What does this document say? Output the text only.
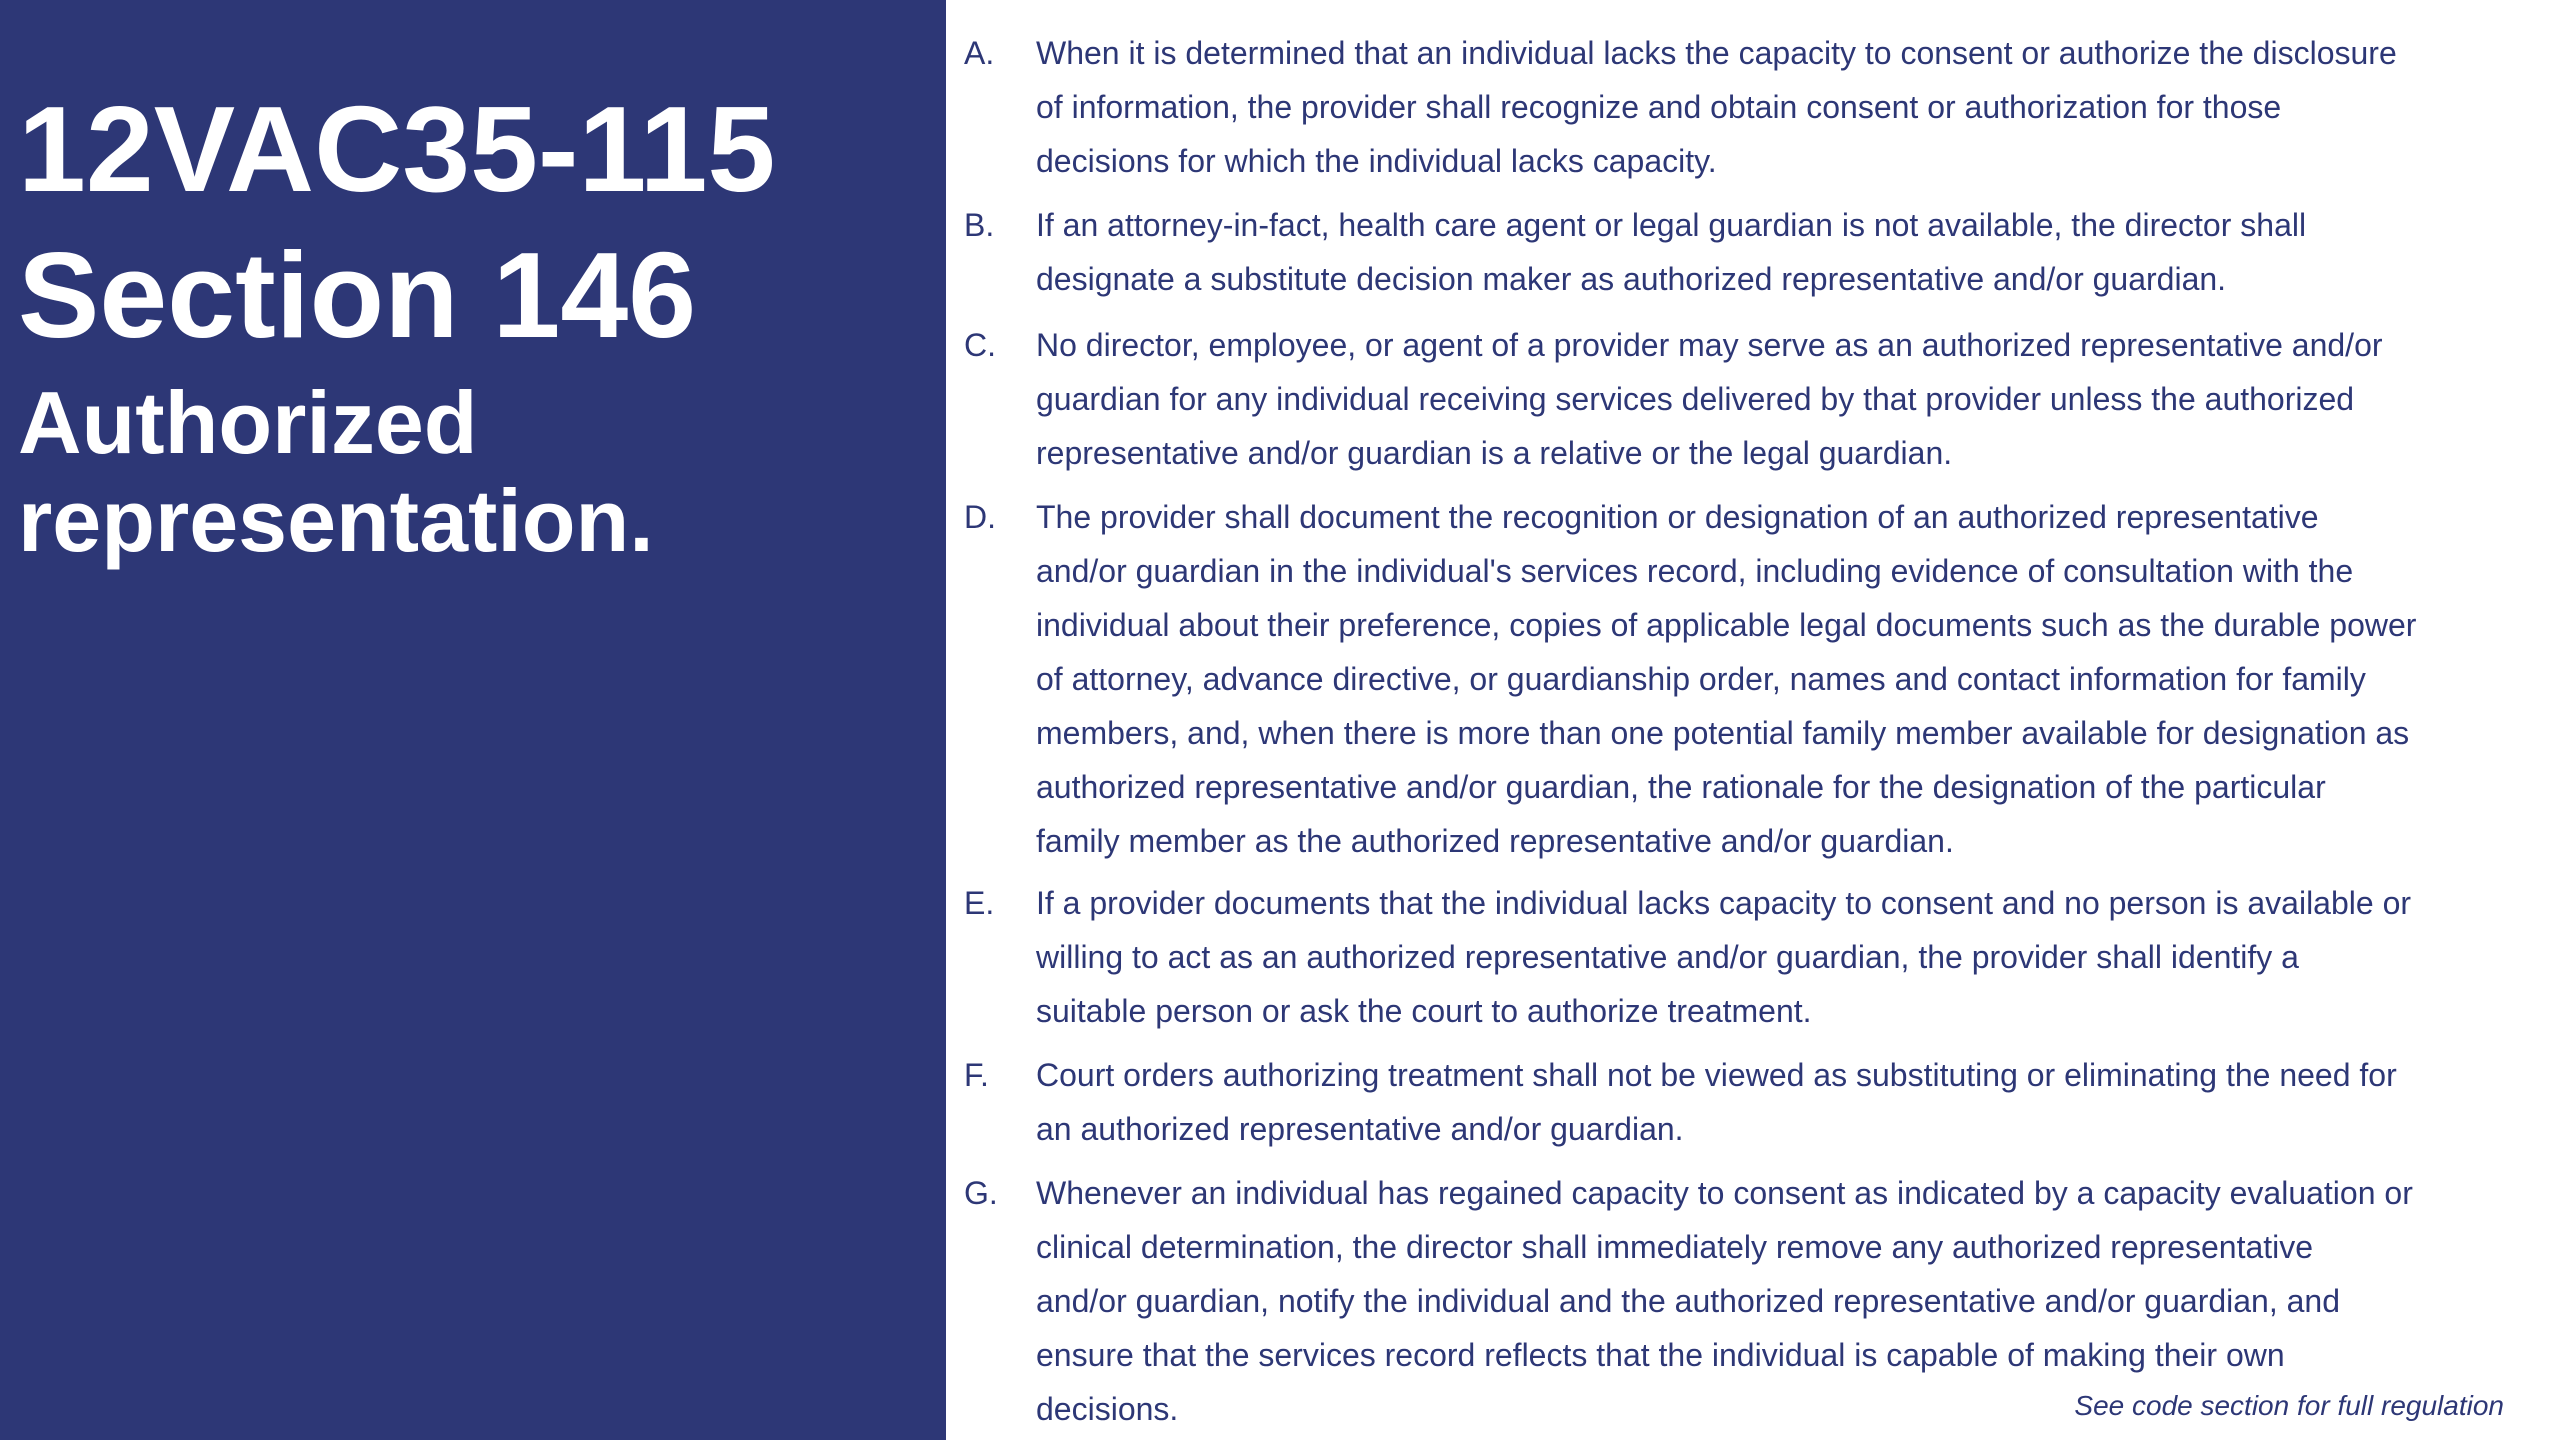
12VAC35-115
Section 146
Authorized
representation.
A. When it is determined that an individual lacks the capacity to consent or authorize the disclosure
of information, the provider shall recognize and obtain consent or authorization for those
decisions for which the individual lacks capacity.
B. If an attorney-in-fact, health care agent or legal guardian is not available, the director shall
designate a substitute decision maker as authorized representative and/or guardian.
C. No director, employee, or agent of a provider may serve as an authorized representative and/or
guardian for any individual receiving services delivered by that provider unless the authorized
representative and/or guardian is a relative or the legal guardian.
D. The provider shall document the recognition or designation of an authorized representative
and/or guardian in the individual's services record, including evidence of consultation with the
individual about their preference, copies of applicable legal documents such as the durable power
of attorney, advance directive, or guardianship order, names and contact information for family
members, and, when there is more than one potential family member available for designation as
authorized representative and/or guardian, the rationale for the designation of the particular
family member as the authorized representative and/or guardian.
E. If a provider documents that the individual lacks capacity to consent and no person is available or
willing to act as an authorized representative and/or guardian, the provider shall identify a
suitable person or ask the court to authorize treatment.
F. Court orders authorizing treatment shall not be viewed as substituting or eliminating the need for
an authorized representative and/or guardian.
G. Whenever an individual has regained capacity to consent as indicated by a capacity evaluation or
clinical determination, the director shall immediately remove any authorized representative
and/or guardian, notify the individual and the authorized representative and/or guardian, and
ensure that the services record reflects that the individual is capable of making their own
decisions.	See code section for full regulation
